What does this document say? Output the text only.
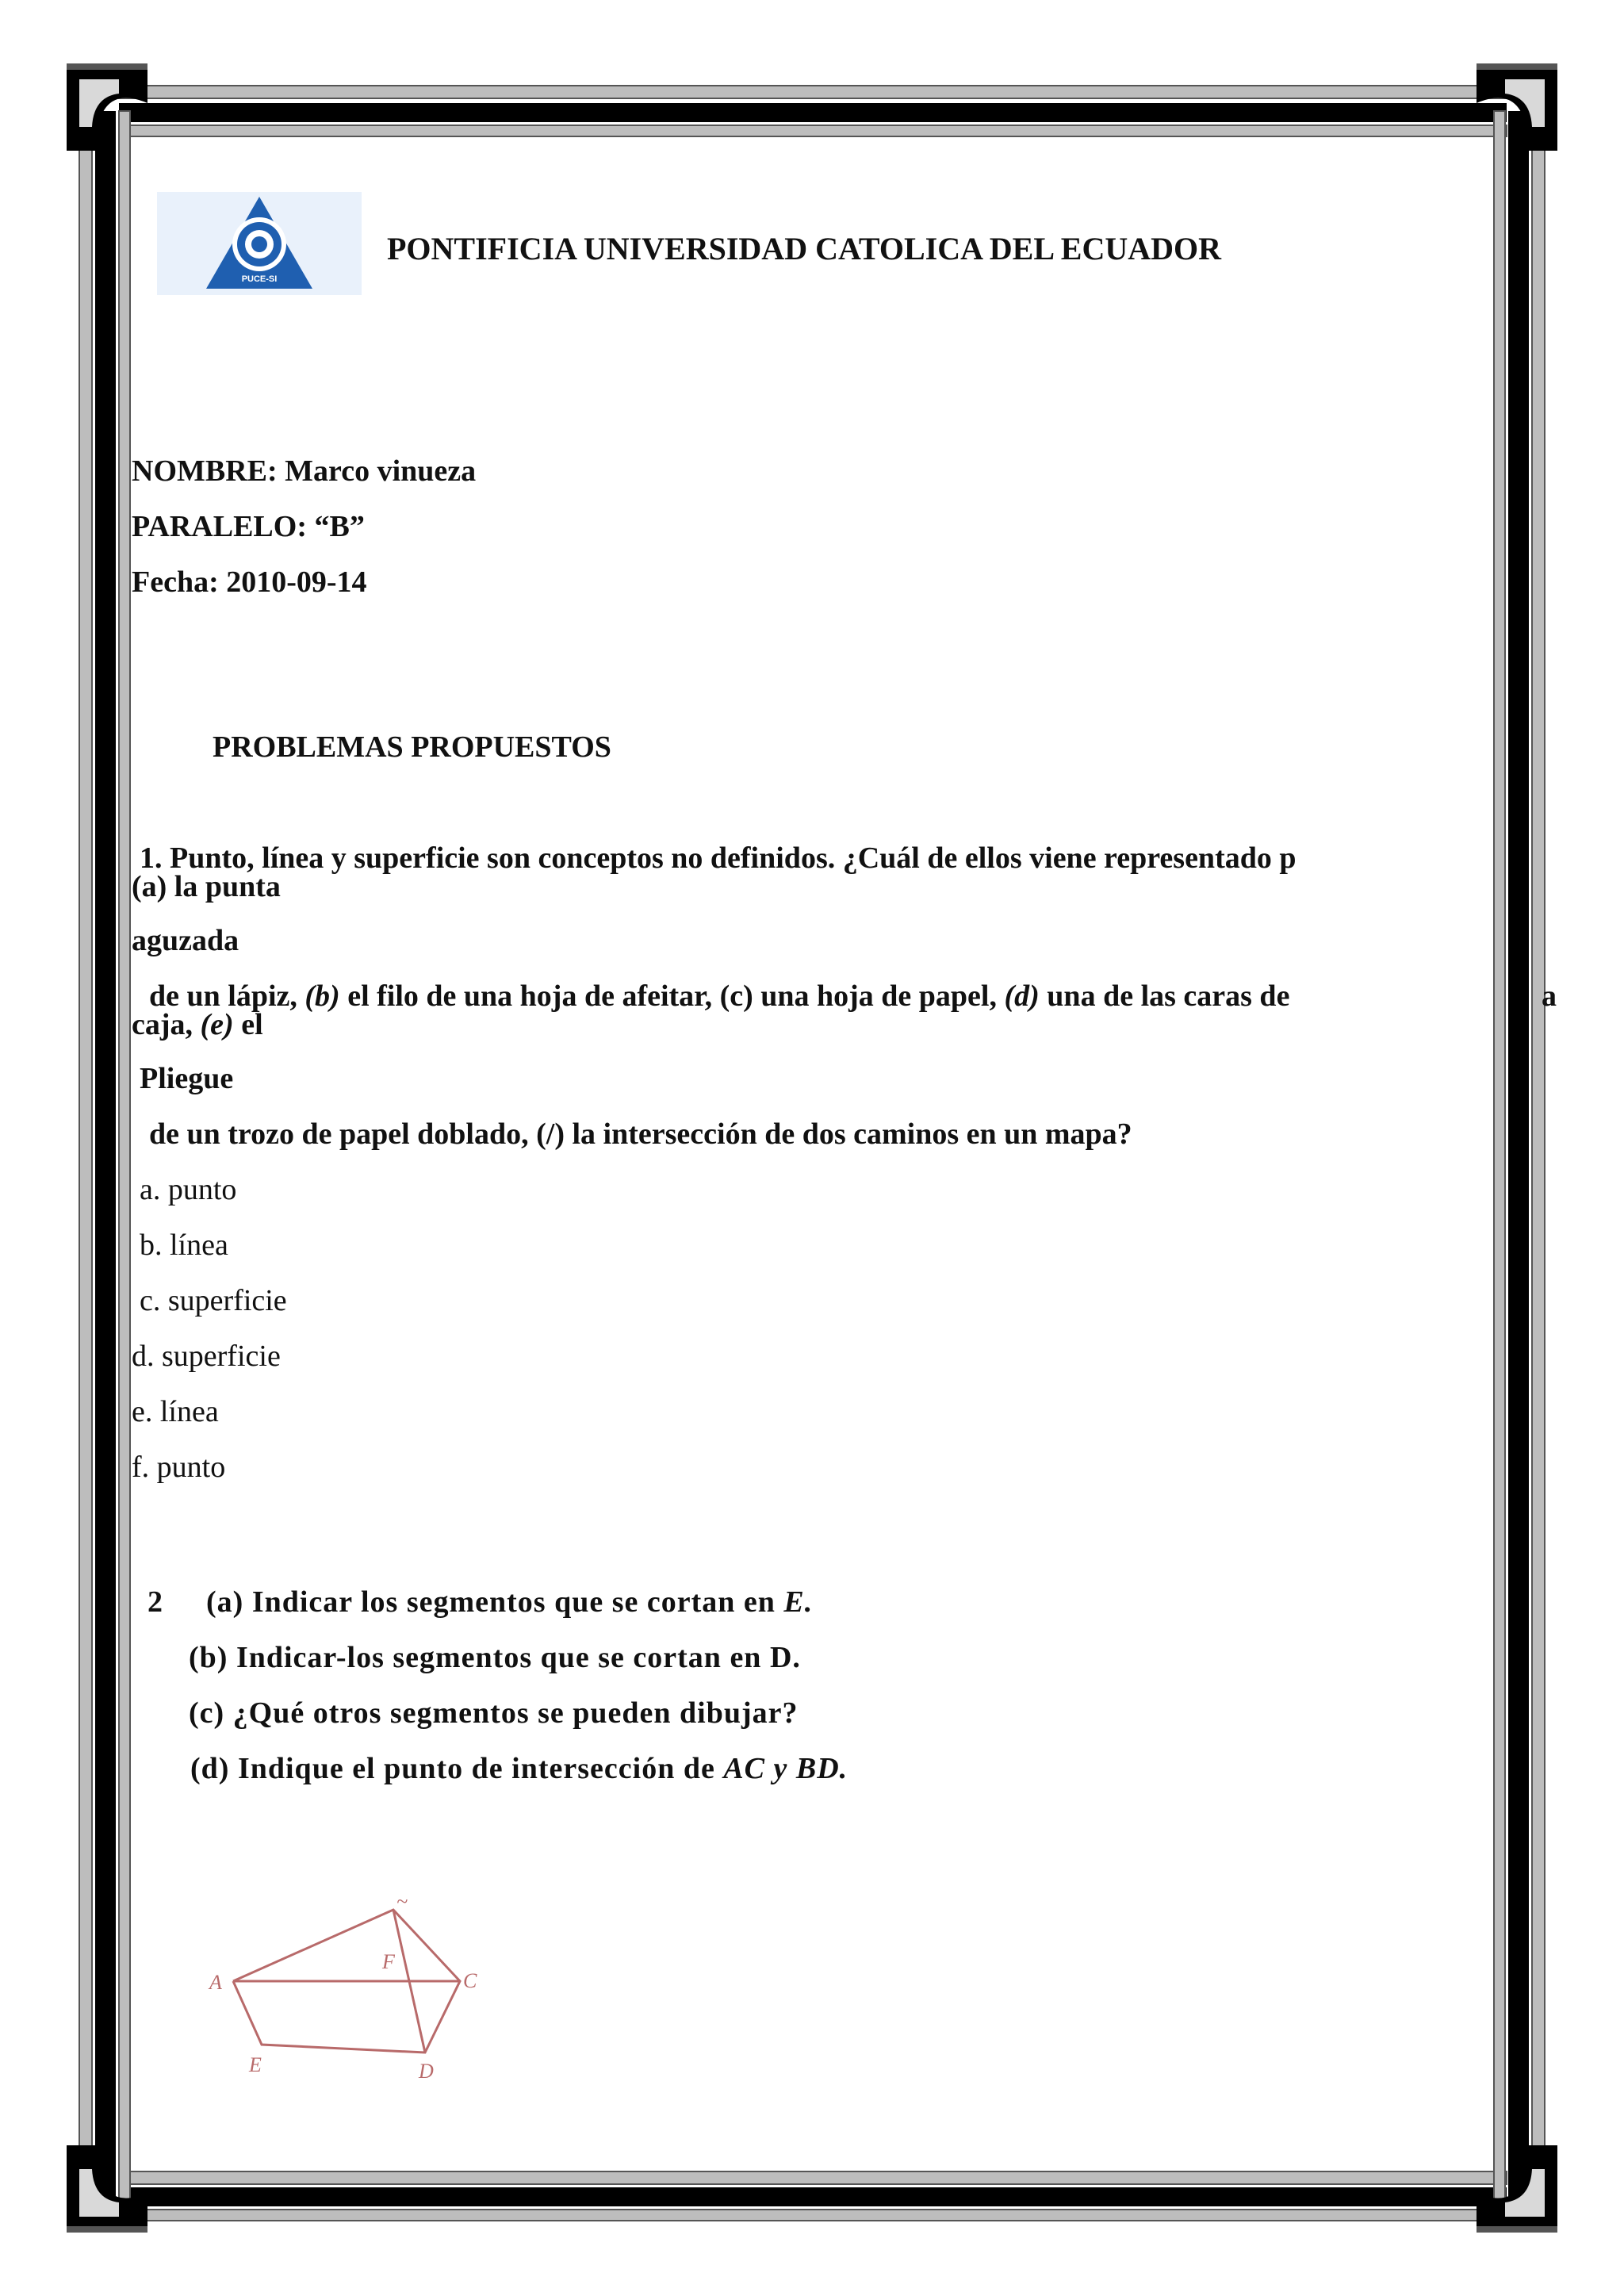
PUCE-SI
PONTIFICIA UNIVERSIDAD CATOLICA DEL ECUADOR
NOMBRE: Marco vinueza
PARALELO: “B”
Fecha: 2010-09-14
PROBLEMAS PROPUESTOS
1. Punto, línea y superficie son conceptos no definidos. ¿Cuál de ellos viene representado p
(a) la punta
aguzada
de un lápiz, (b) el filo de una hoja de afeitar, (c) una hoja de papel, (d) una de las caras de	a
caja, (e) el
Pliegue
de un trozo de papel doblado, (/) la intersección de dos caminos en un mapa?
a. punto
b. línea
c. superficie
d. superficie
e. línea
f. punto
2 (a) Indicar los segmentos que se cortan en E.
(b) Indicar-los segmentos que se cortan en D.
(c) ¿Qué otros segmentos se pueden dibujar?
(d) Indique el punto de intersección de AC y BD.
A
F
C
E	D
~
